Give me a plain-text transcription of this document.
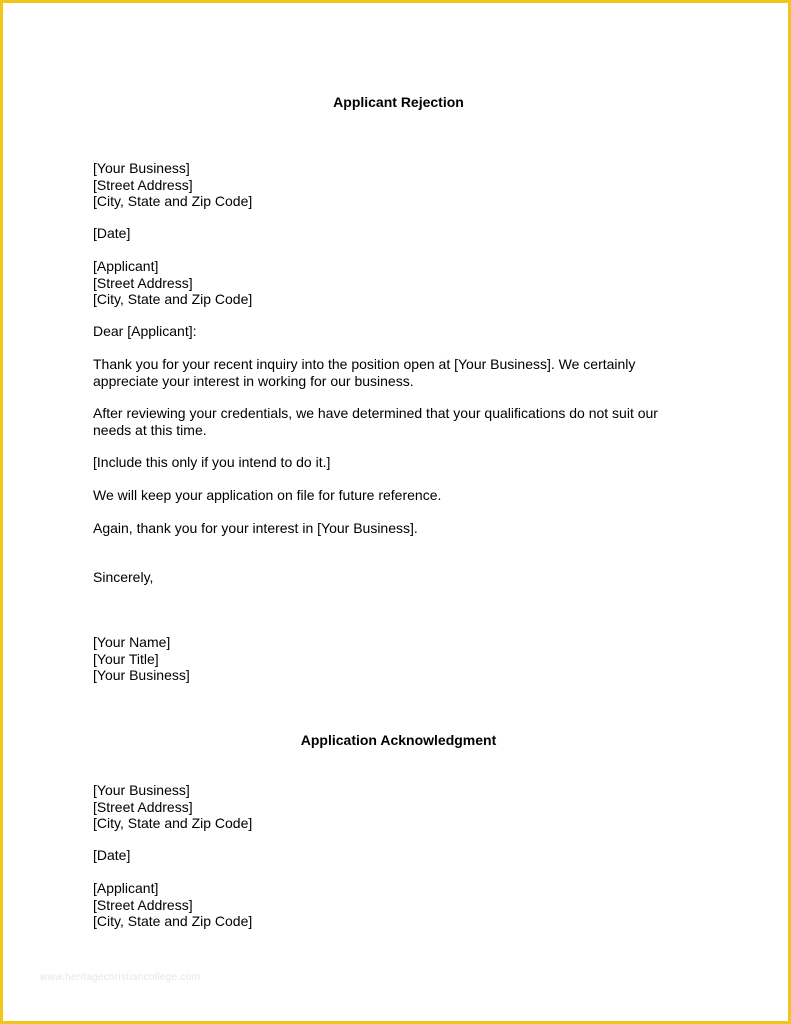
Applicant Rejection
[Your Business]
[Street Address]
[City, State and Zip Code]
[Date]
[Applicant]
[Street Address]
[City, State and Zip Code]
Dear [Applicant]:
Thank you for your recent inquiry into the position open at [Your Business]. We certainly
appreciate your interest in working for our business.
After reviewing your credentials, we have determined that your qualifications do not suit our
needs at this time.
[Include this only if you intend to do it.]
We will keep your application on file for future reference.
Again, thank you for your interest in [Your Business].
Sincerely,
[Your Name]
[Your Title]
[Your Business]
Application Acknowledgment
[Your Business]
[Street Address]
[City, State and Zip Code]
[Date]
[Applicant]
[Street Address]
[City, State and Zip Code]
www.heritagechristiancollege.com
